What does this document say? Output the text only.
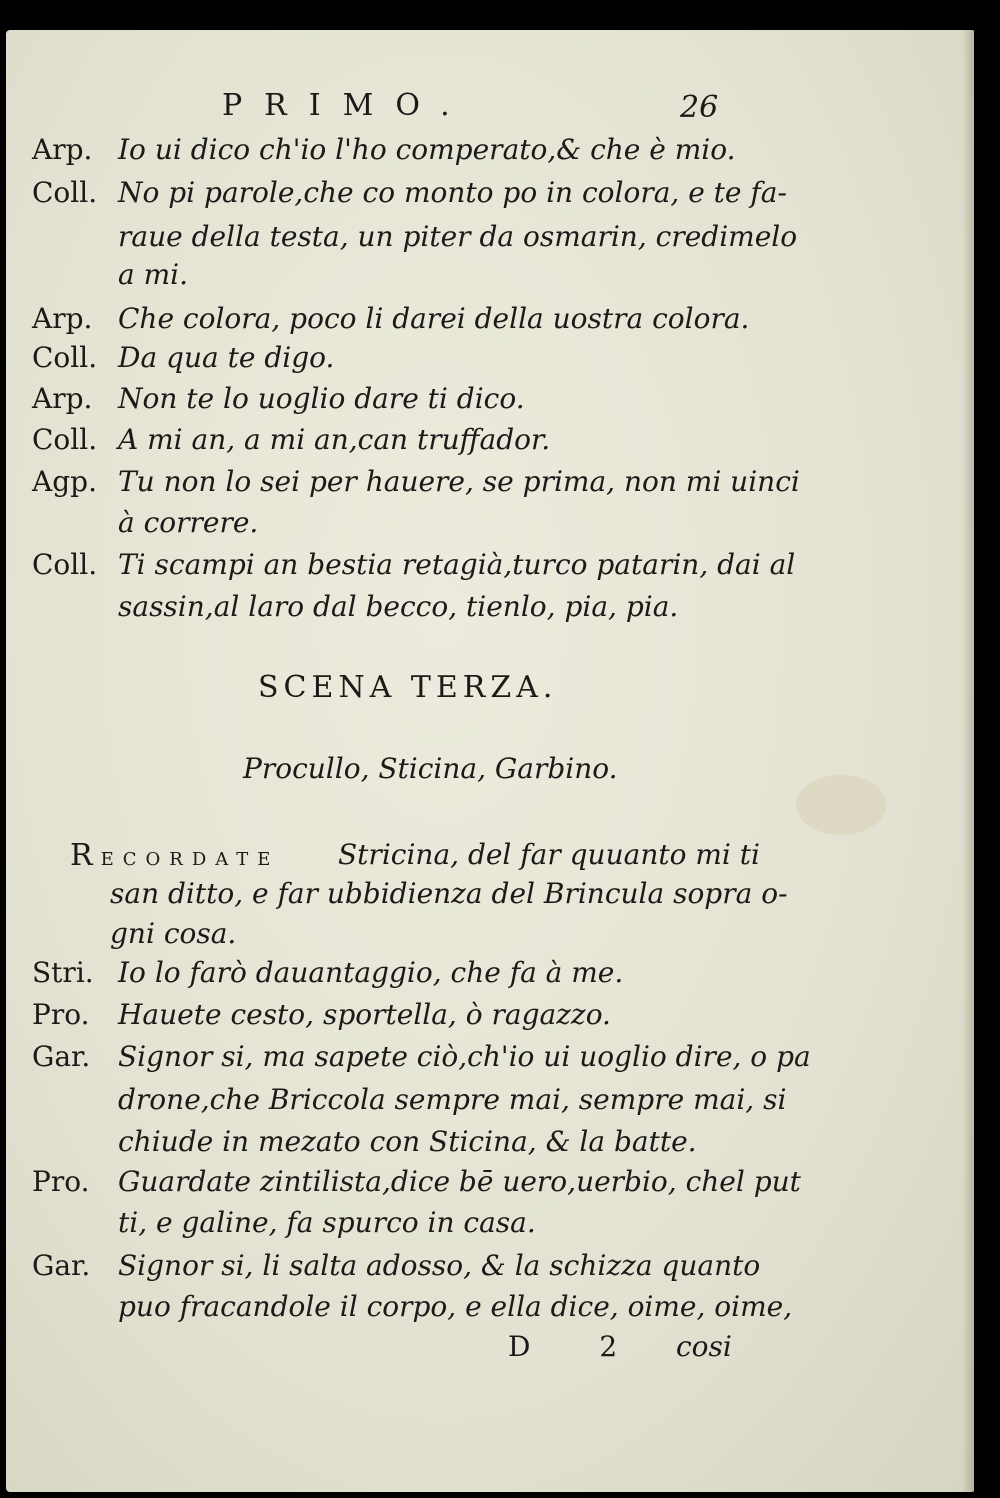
PRIMO.	26
Arp. Io ui dico ch'io l'ho comperato,& che è mio.
Coll. No pi parole,che co monto po in colora, e te fa-
raue della testa, un piter da osmarin, credimelo
a mi.
Arp. Che colora, poco li darei della uostra colora.
Coll. Da qua te digo.
Arp. Non te lo uoglio dare ti dico.
Coll. A mi an, a mi an,can truffador.
Agp. Tu non lo sei per hauere, se prima, non mi uinci
à correre.
Coll. Ti scampi an bestia retagià,turco patarin, dai al
sassin,al laro dal becco, tienlo, pia, pia.
SCENA TERZA.
Procullo, Sticina, Garbino.
RECORDATE Stricina, del far quuanto mi ti
san ditto, e far ubbidienza del Brincula sopra o-
gni cosa.
Stri. Io lo farò dauantaggio, che fa à me.
Pro. Hauete cesto, sportella, ò ragazzo.
Gar. Signor si, ma sapete ciò,ch'io ui uoglio dire, o pa
drone,che Briccola sempre mai, sempre mai, si
chiude in mezato con Sticina, & la batte.
Pro. Guardate zintilista,dice bē uero,uerbio, chel put
ti, e galine, fa spurco in casa.
Gar. Signor si, li salta adosso, & la schizza quanto
puo fracandole il corpo, e ella dice, oime, oime,
D 2 cosi
